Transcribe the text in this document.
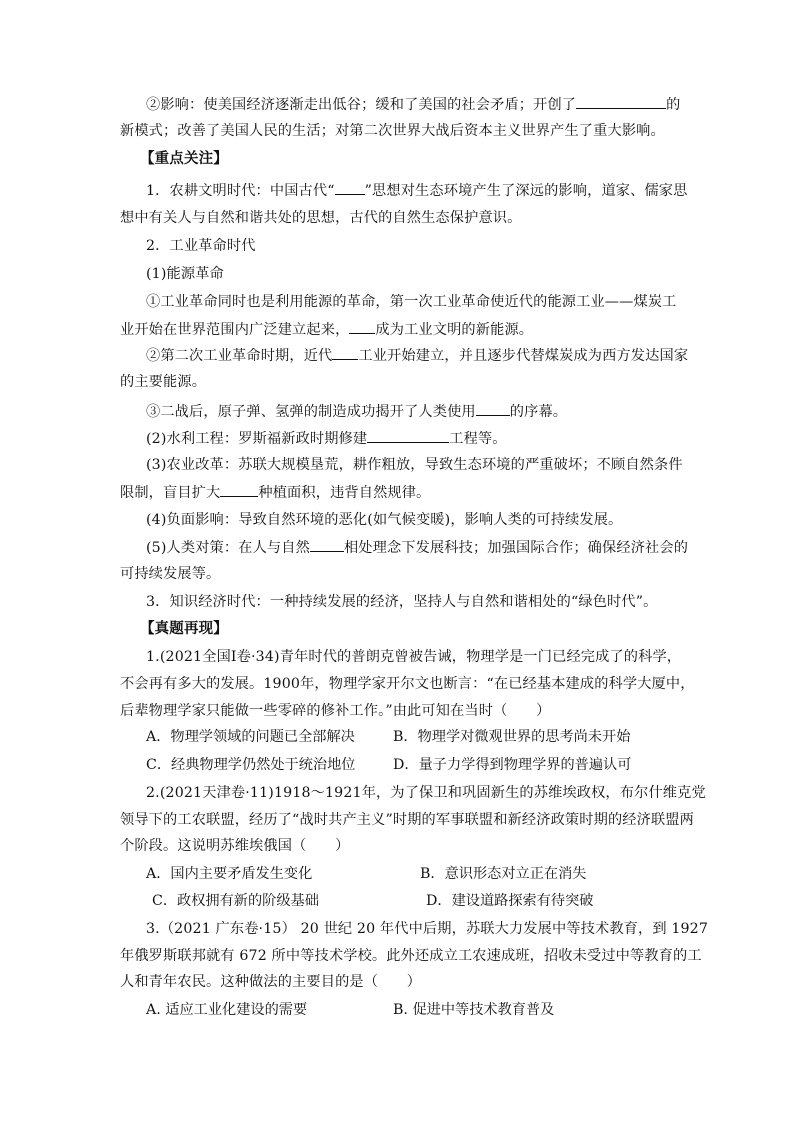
②影响：使美国经济逐渐走出低谷；缓和了美国的社会矛盾；开创了	的
新模式；改善了美国人民的生活；对第二次世界大战后资本主义世界产生了重大影响。
【重点关注】
1．农耕文明时代：中国古代“ ”思想对生态环境产生了深远的影响，道家、儒家思
想中有关人与自然和谐共处的思想，古代的自然生态保护意识。
2．工业革命时代
(1)能源革命
①工业革命同时也是利用能源的革命，第一次工业革命使近代的能源工业——煤炭工
业开始在世界范围内广泛建立起来， 成为工业文明的新能源。
②第二次工业革命时期，近代 工业开始建立，并且逐步代替煤炭成为西方发达国家
的主要能源。
③二战后，原子弹、氢弹的制造成功揭开了人类使用 的序幕。
(2)水利工程：罗斯福新政时期修建	工程等。
(3)农业改革：苏联大规模垦荒，耕作粗放，导致生态环境的严重破坏；不顾自然条件
限制，盲目扩大	种植面积，违背自然规律。
(4)负面影响：导致自然环境的恶化(如气候变暖)，影响人类的可持续发展。
(5)人类对策：在人与自然 相处理念下发展科技；加强国际合作；确保经济社会的
可持续发展等。
3．知识经济时代：一种持续发展的经济，坚持人与自然和谐相处的“绿色时代”。
【真题再现】
1.(2021全国Ⅰ卷·34)青年时代的普朗克曾被告诫，物理学是一门已经完成了的科学，
不会再有多大的发展。1900年，物理学家开尔文也断言：“在已经基本建成的科学大厦中，
后辈物理学家只能做一些零碎的修补工作。”由此可知在当时（　　）
A．物理学领域的问题已全部解决	B．物理学对微观世界的思考尚未开始
C．经典物理学仍然处于统治地位	D．量子力学得到物理学界的普遍认可
2.(2021天津卷·11)1918～1921年，为了保卫和巩固新生的苏维埃政权，布尔什维克党
领导下的工农联盟，经历了“战时共产主义”时期的军事联盟和新经济政策时期的经济联盟两
个阶段。这说明苏维埃俄国（　　）
A．国内主要矛盾发生变化	B．意识形态对立正在消失
C．政权拥有新的阶级基础	D．建设道路探索有待突破
3.（2021 广东卷·15） 20 世纪 20 年代中后期，苏联大力发展中等技术教育，到 1927
年俄罗斯联邦就有 672 所中等技术学校。此外还成立工农速成班，招收未受过中等教育的工
人和青年农民。这种做法的主要目的是（　　）
A. 适应工业化建设的需要	B. 促进中等技术教育普及
